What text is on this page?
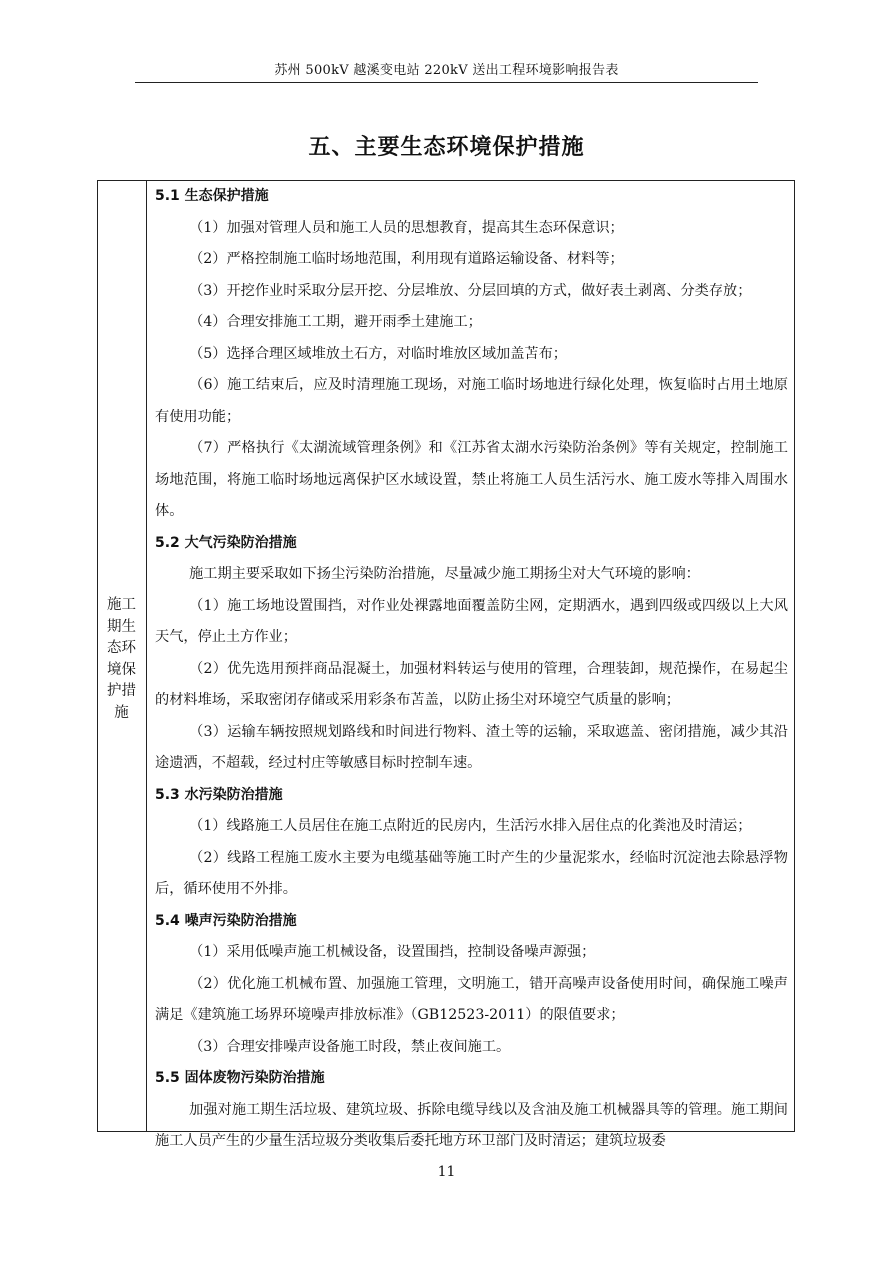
苏州 500kV 越溪变电站 220kV 送出工程环境影响报告表
五、主要生态环境保护措施
施工
期生
态环
境保
护措
施

5.1 生态保护措施

（1）加强对管理人员和施工人员的思想教育，提高其生态环保意识；

（2）严格控制施工临时场地范围，利用现有道路运输设备、材料等；

（3）开挖作业时采取分层开挖、分层堆放、分层回填的方式，做好表土剥离、分类存放；

（4）合理安排施工工期，避开雨季土建施工；

（5）选择合理区域堆放土石方，对临时堆放区域加盖苫布；

（6）施工结束后，应及时清理施工现场，对施工临时场地进行绿化处理，恢复临时占用土地原有使用功能；

（7）严格执行《太湖流域管理条例》和《江苏省太湖水污染防治条例》等有关规定，控制施工场地范围，将施工临时场地远离保护区水域设置，禁止将施工人员生活污水、施工废水等排入周围水体。

5.2 大气污染防治措施

施工期主要采取如下扬尘污染防治措施，尽量减少施工期扬尘对大气环境的影响：

（1）施工场地设置围挡，对作业处裸露地面覆盖防尘网，定期洒水，遇到四级或四级以上大风天气，停止土方作业；

（2）优先选用预拌商品混凝土，加强材料转运与使用的管理，合理装卸，规范操作，在易起尘的材料堆场，采取密闭存储或采用彩条布苫盖，以防止扬尘对环境空气质量的影响；

（3）运输车辆按照规划路线和时间进行物料、渣土等的运输，采取遮盖、密闭措施，减少其沿途遗洒，不超载，经过村庄等敏感目标时控制车速。

5.3 水污染防治措施

（1）线路施工人员居住在施工点附近的民房内，生活污水排入居住点的化粪池及时清运；

（2）线路工程施工废水主要为电缆基础等施工时产生的少量泥浆水，经临时沉淀池去除悬浮物后，循环使用不外排。

5.4 噪声污染防治措施

（1）采用低噪声施工机械设备，设置围挡，控制设备噪声源强；

（2）优化施工机械布置、加强施工管理，文明施工，错开高噪声设备使用时间，确保施工噪声满足《建筑施工场界环境噪声排放标准》（GB12523-2011）的限值要求；

（3）合理安排噪声设备施工时段，禁止夜间施工。

5.5 固体废物污染防治措施

加强对施工期生活垃圾、建筑垃圾、拆除电缆导线以及含油及施工机械器具等的管理。施工期间施工人员产生的少量生活垃圾分类收集后委托地方环卫部门及时清运；建筑垃圾委

11
